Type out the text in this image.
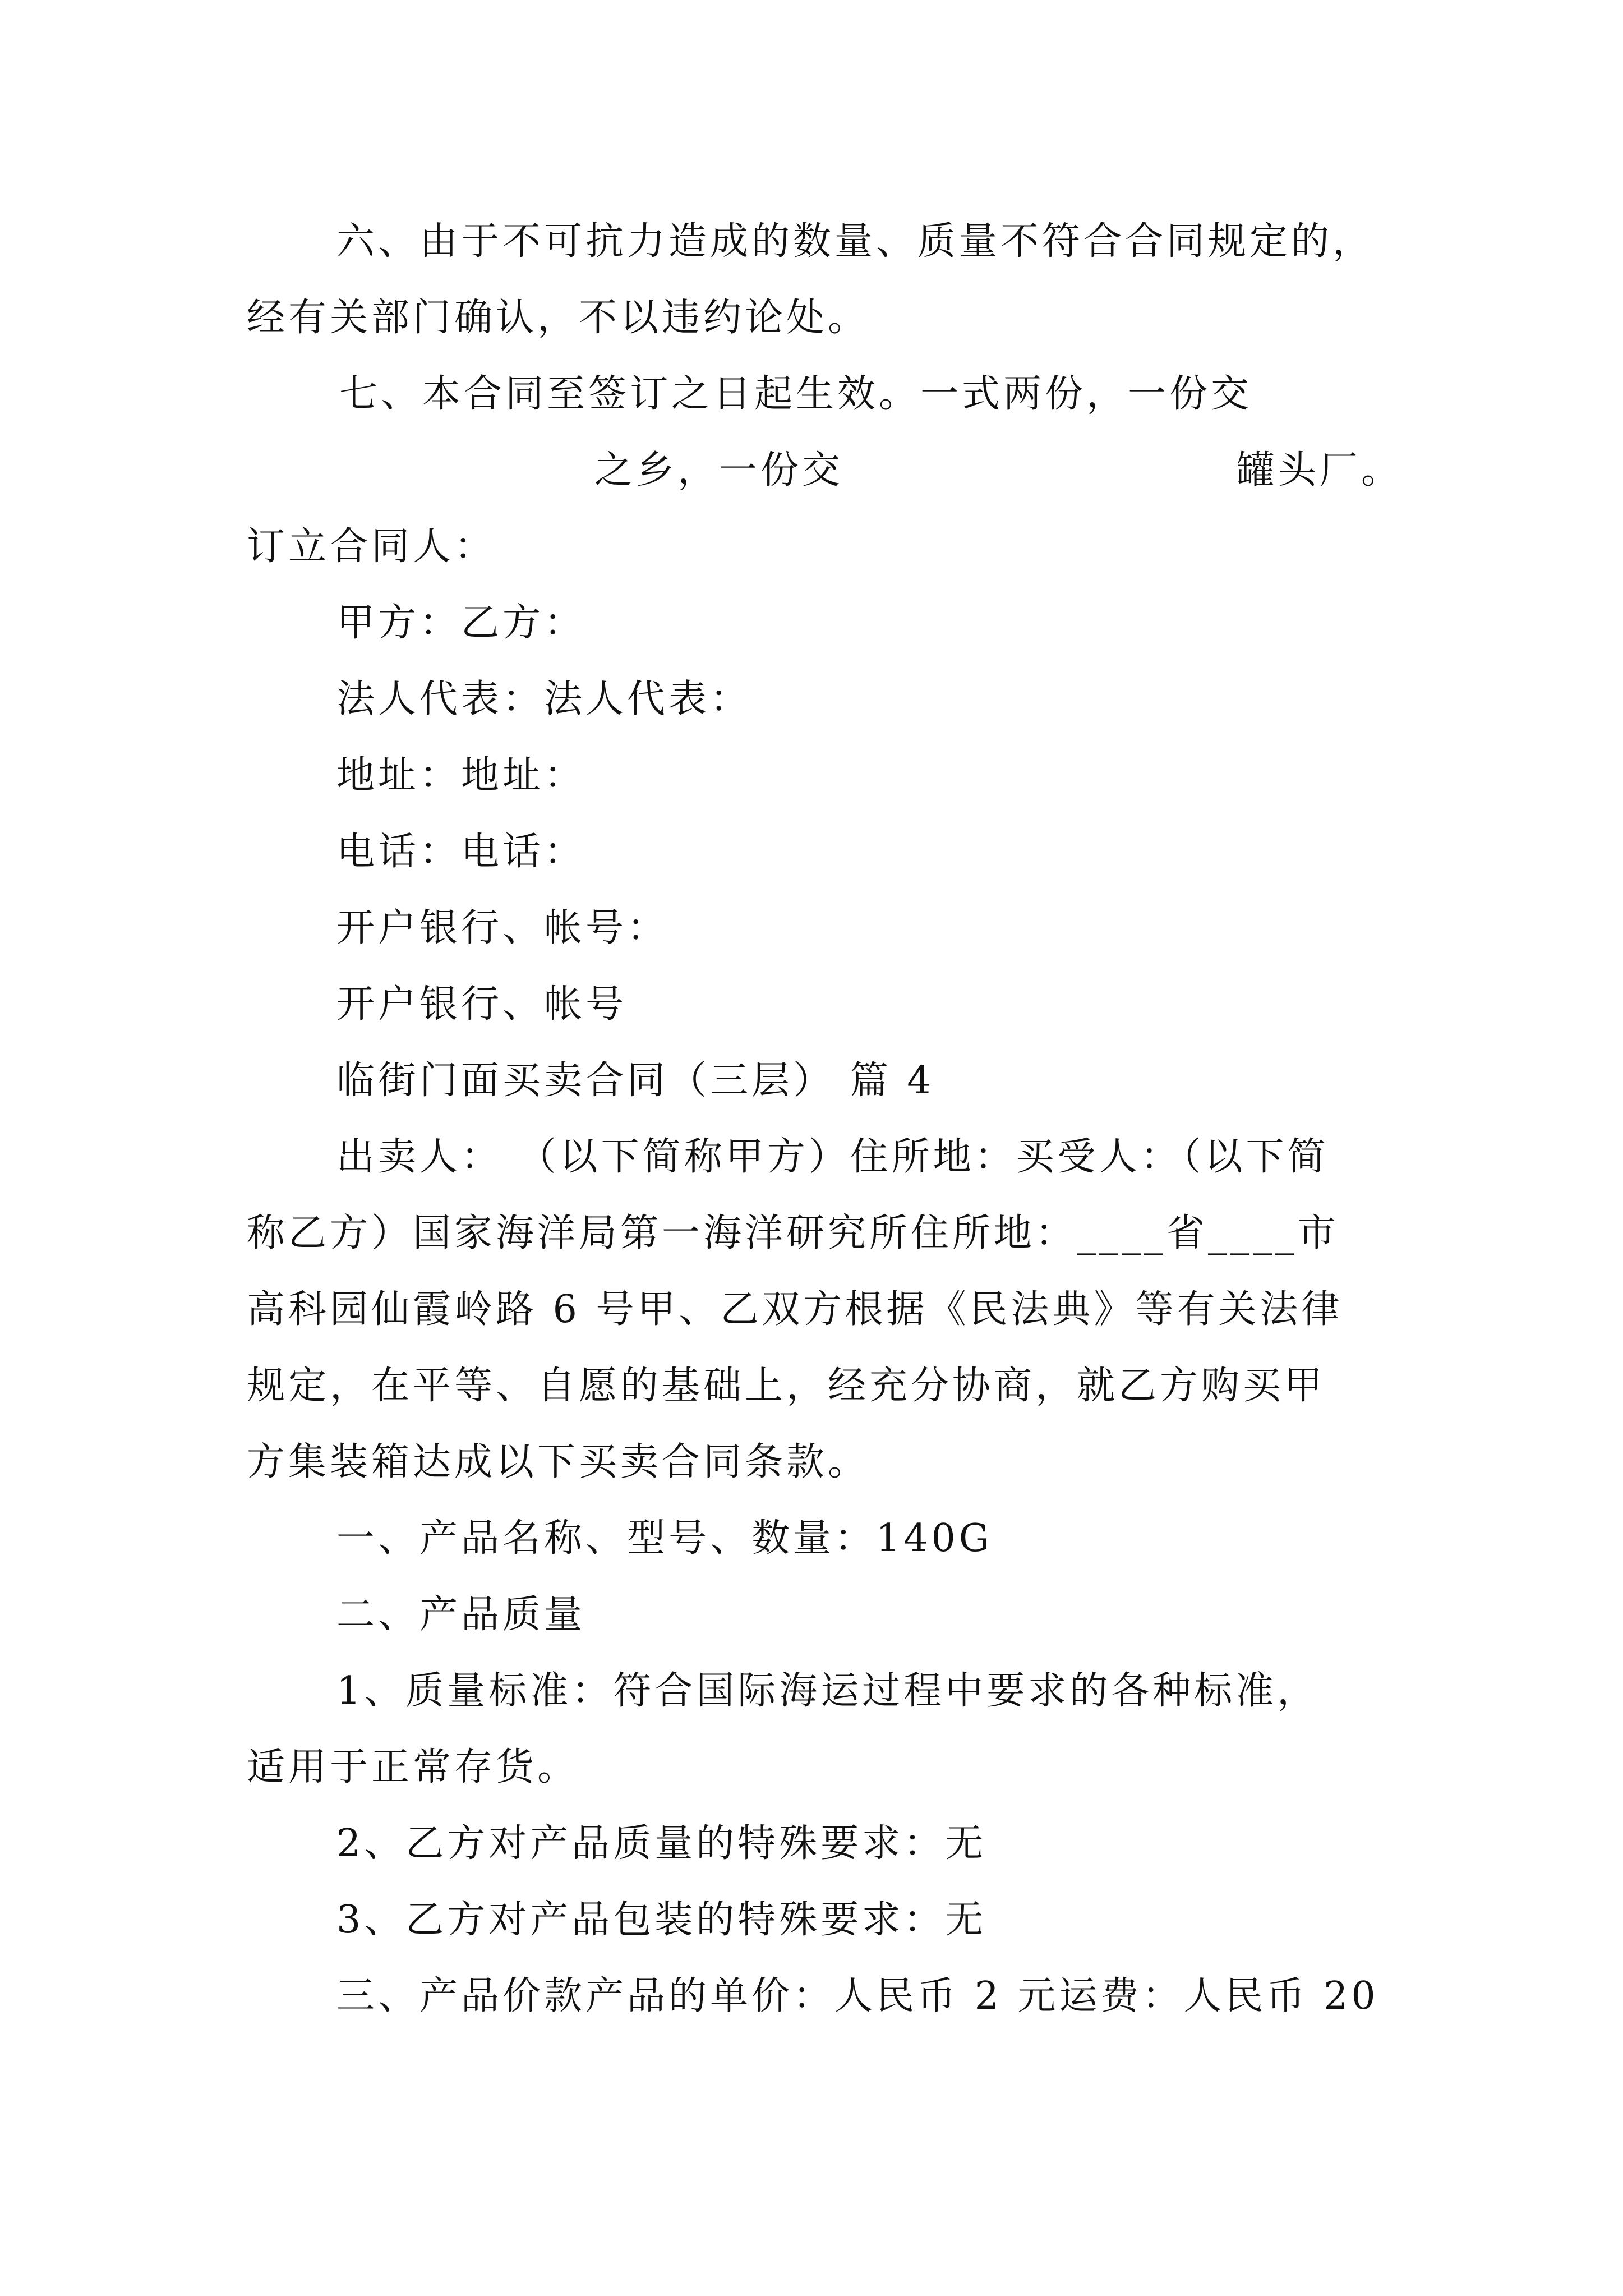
六、由于不可抗力造成的数量、质量不符合合同规定的，

经有关部门确认，不以违约论处。

七、本合同至签订之日起生效。一式两份，一份交

之乡，一份交	罐头厂。

订立合同人：

甲方：乙方：

法人代表：法人代表：

地址：地址：

电话：电话：

开户银行、帐号：

开户银行、帐号

临街门面买卖合同（三层） 篇 4

出卖人： （以下简称甲方）住所地：买受人：（以下简

称乙方）国家海洋局第一海洋研究所住所地：____省____市

高科园仙霞岭路 6 号甲、乙双方根据《民法典》等有关法律

规定，在平等、自愿的基础上，经充分协商，就乙方购买甲

方集装箱达成以下买卖合同条款。

一、产品名称、型号、数量：140G

二、产品质量

1、质量标准：符合国际海运过程中要求的各种标准，

适用于正常存货。

2、乙方对产品质量的特殊要求：无

3、乙方对产品包装的特殊要求：无

三、产品价款产品的单价：人民币 2 元运费：人民币 20
